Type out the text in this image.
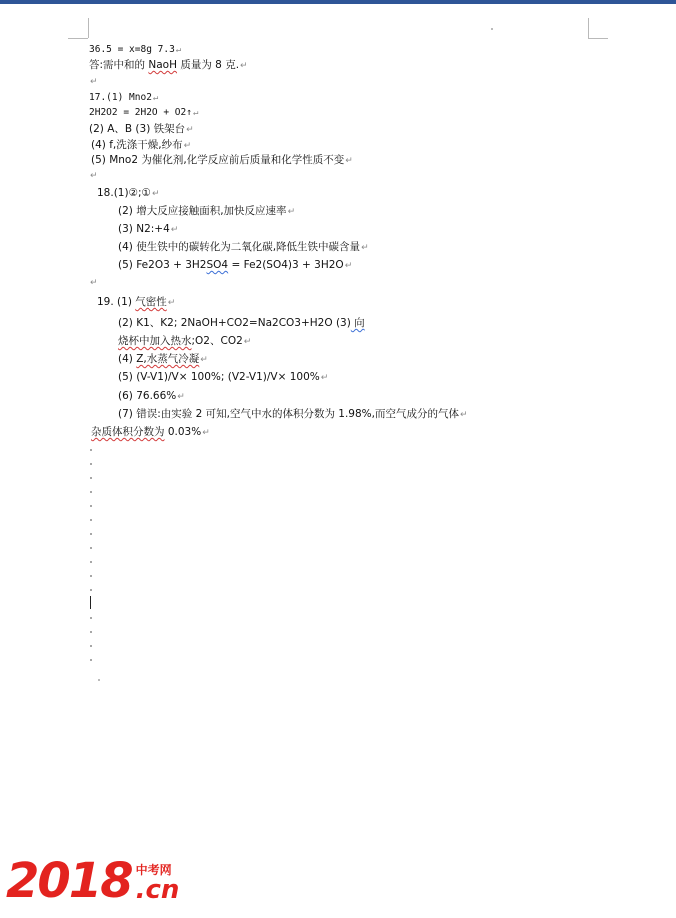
36.5 = x=8g 7.3↵
答:需中和的 NaoH 质量为 8 克.↵
↵
17.(1) Mno2↵
2H2O2 = 2H2O + O2↑↵
(2) A、B (3) 铁架台↵
(4) f,洗涤干燥,纱布↵
(5) Mno2 为催化剂,化学反应前后质量和化学性质不变↵
↵
18.(1)②;①↵
(2) 增大反应接触面积,加快反应速率↵
(3) N2:+4↵
(4) 使生铁中的碳转化为二氧化碳,降低生铁中碳含量↵
(5) Fe2O3 + 3H2SO4 = Fe2(SO4)3 + 3H2O↵
↵
19. (1) 气密性↵
(2) K1、K2; 2NaOH+CO2=Na2CO3+H2O (3) 向
烧杯中加入热水;O2、CO2↵
(4) Z,水蒸气冷凝↵
(5) (V-V1)/V× 100%; (V2-V1)/V× 100%↵
(6) 76.66%↵
(7) 错误:由实验 2 可知,空气中水的体积分数为 1.98%,而空气成分的气体↵
杂质体积分数为 0.03%↵
2018 中考网
.cn
